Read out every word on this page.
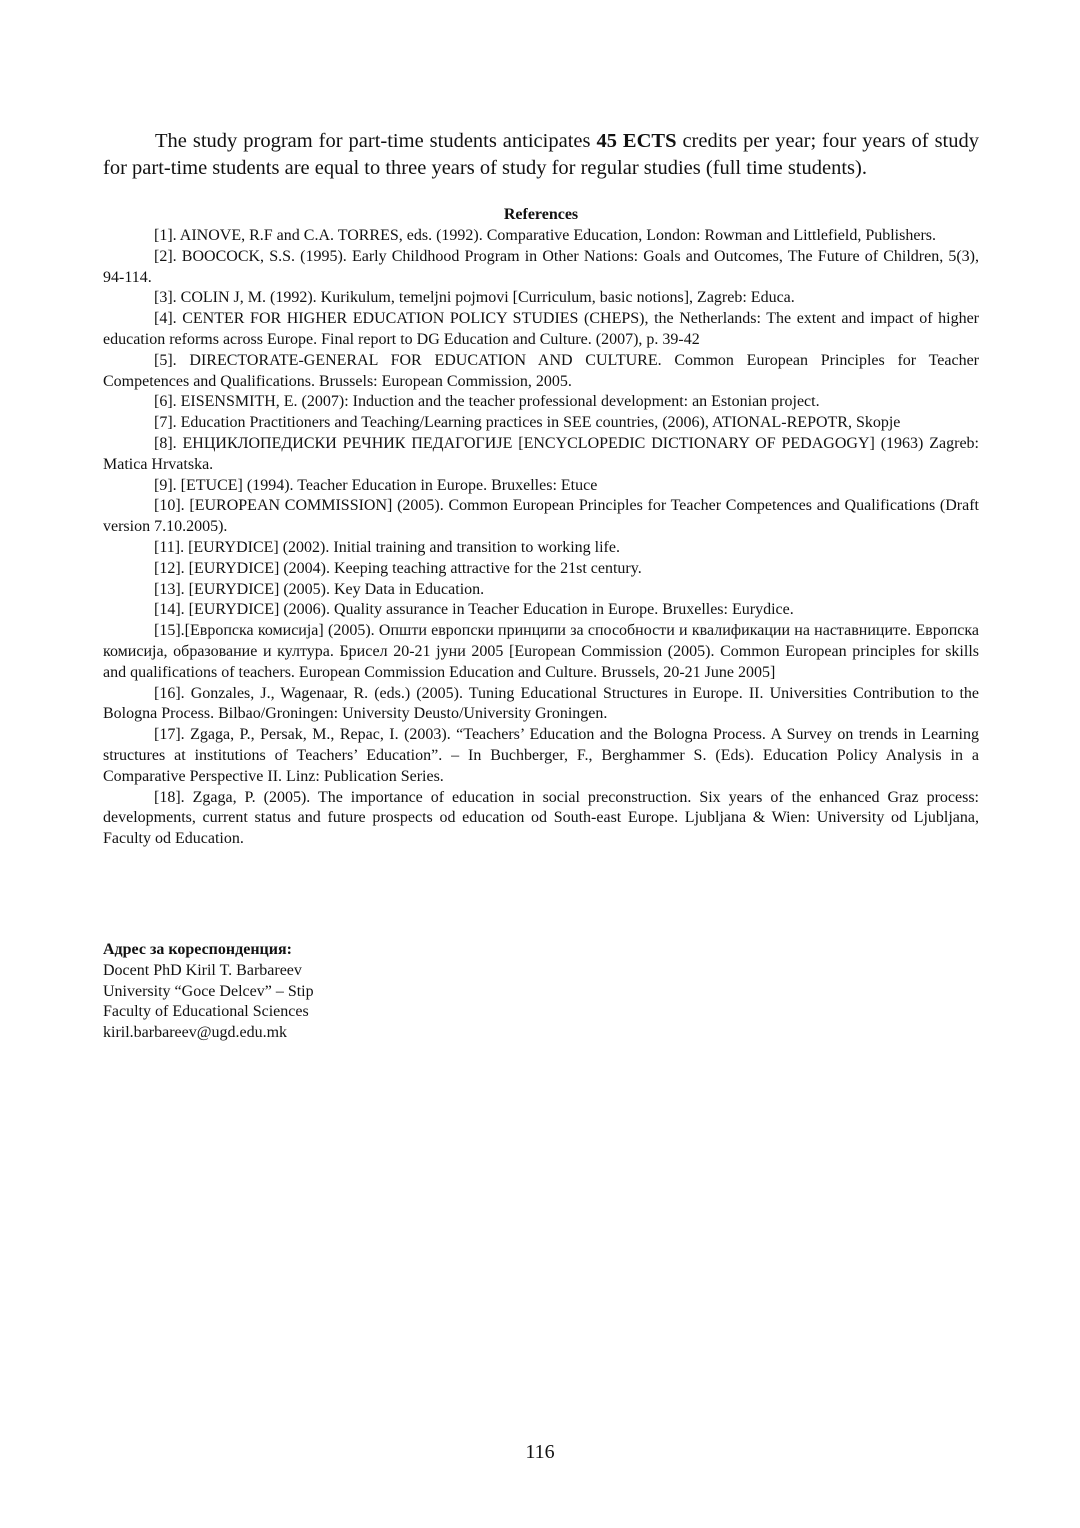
The study program for part-time students anticipates 45 ECTS credits per year; four years of study for part-time students are equal to three years of study for regular studies (full time students).

References

[1]. AINOVE, R.F and C.A. TORRES, eds. (1992). Comparative Education, London: Rowman and Littlefield, Publishers.

[2]. BOOCOCK, S.S. (1995). Early Childhood Program in Other Nations: Goals and Outcomes, The Future of Children, 5(3), 94-114.

[3]. COLIN J, M. (1992). Kurikulum, temeljni pojmovi [Curriculum, basic notions], Zagreb: Educa.

[4]. CENTER FOR HIGHER EDUCATION POLICY STUDIES (CHEPS), the Netherlands: The extent and impact of higher education reforms across Europe. Final report to DG Education and Culture. (2007), p. 39-42

[5]. DIRECTORATE-GENERAL FOR EDUCATION AND CULTURE. Common European Principles for Teacher Competences and Qualifications. Brussels: European Commission, 2005.

[6]. EISENSMITH, E. (2007): Induction and the teacher professional development: an Estonian project.

[7]. Education Practitioners and Teaching/Learning practices in SEE countries, (2006), ATIONAL-REPOTR, Skopje

[8]. ЕНЦИКЛОПЕДИСКИ РЕЧНИК ПЕДАГОГИЈЕ [ENCYCLOPEDIC DICTIONARY OF PEDAGOGY] (1963) Zagreb: Matica Hrvatska.

[9]. [ETUCE] (1994). Teacher Education in Europe. Bruxelles: Etuce

[10]. [EUROPEAN COMMISSION] (2005). Common European Principles for Teacher Competences and Qualifications (Draft version 7.10.2005).

[11]. [EURYDICE] (2002). Initial training and transition to working life.

[12]. [EURYDICE] (2004). Keeping teaching attractive for the 21st century.

[13]. [EURYDICE] (2005). Key Data in Education.

[14]. [EURYDICE] (2006). Quality assurance in Teacher Education in Europe. Bruxelles: Eurydice.

[15].[Европска комисија] (2005). Општи европски принципи за способности и квалификации на наставниците. Европска комисија, образование и култура. Брисел 20-21 јуни 2005 [European Commission (2005). Common European principles for skills and qualifications of teachers. European Commission Education and Culture. Brussels, 20-21 June 2005]

[16]. Gonzales, J., Wagenaar, R. (eds.) (2005). Tuning Educational Structures in Europe. II. Universities Contribution to the Bologna Process. Bilbao/Groningen: University Deusto/University Groningen.

[17]. Zgaga, P., Persak, M., Repac, I. (2003). “Teachers’ Education and the Bologna Process. A Survey on trends in Learning structures at institutions of Teachers’ Education”. – In Buchberger, F., Berghammer S. (Eds). Education Policy Analysis in a Comparative Perspective II. Linz: Publication Series.

[18]. Zgaga, P. (2005). The importance of education in social preconstruction. Six years of the enhanced Graz process: developments, current status and future prospects od education od South-east Europe. Ljubljana & Wien: University od Ljubljana, Faculty od Education.

Адрес за кореспонденция:

Docent PhD Kiril T. Barbareev

University “Goce Delcev” – Stip

Faculty of Educational Sciences

kiril.barbareev@ugd.edu.mk

116
